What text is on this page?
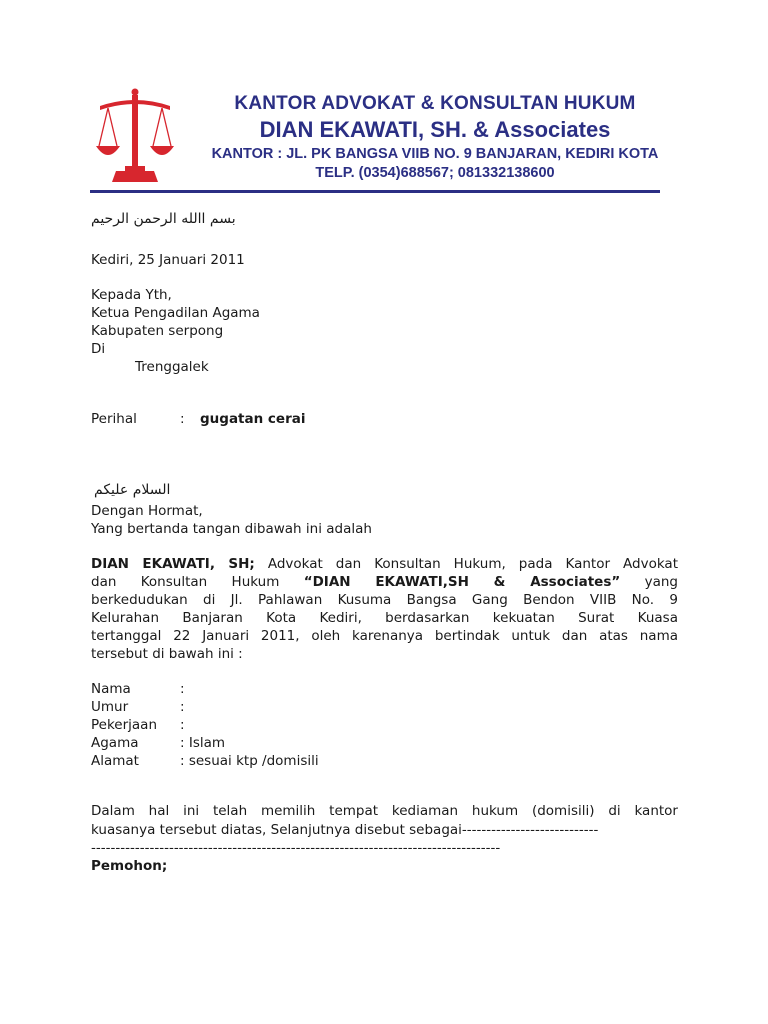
KANTOR ADVOKAT & KONSULTAN HUKUM
DIAN EKAWATI, SH. & Associates
KANTOR : JL. PK BANGSA VIIB NO. 9 BANJARAN, KEDIRI KOTA
TELP. (0354)688567; 081332138600
بسم االله الرحمن الرحيم
Kediri, 25 Januari 2011
Kepada Yth,
Ketua Pengadilan Agama
Kabupaten serpong
Di
Trenggalek
Perihal	: gugatan cerai
السلام عليكم
Dengan Hormat,
Yang bertanda tangan dibawah ini adalah
DIAN EKAWATI, SH; Advokat dan Konsultan Hukum, pada Kantor Advokat
dan Konsultan Hukum “DIAN EKAWATI,SH & Associates” yang
berkedudukan di Jl. Pahlawan Kusuma Bangsa Gang Bendon VIIB No. 9
Kelurahan Banjaran Kota Kediri, berdasarkan kekuatan Surat Kuasa
tertanggal 22 Januari 2011, oleh karenanya bertindak untuk dan atas nama
tersebut di bawah ini :
Nama	:
Umur	:
Pekerjaan :
Agama	: Islam
Alamat	: sesuai ktp /domisili
Dalam hal ini telah memilih tempat kediaman hukum (domisili) di kantor
kuasanya tersebut diatas, Selanjutnya disebut sebagai----------------------------
------------------------------------------------------------------------------------
Pemohon;
